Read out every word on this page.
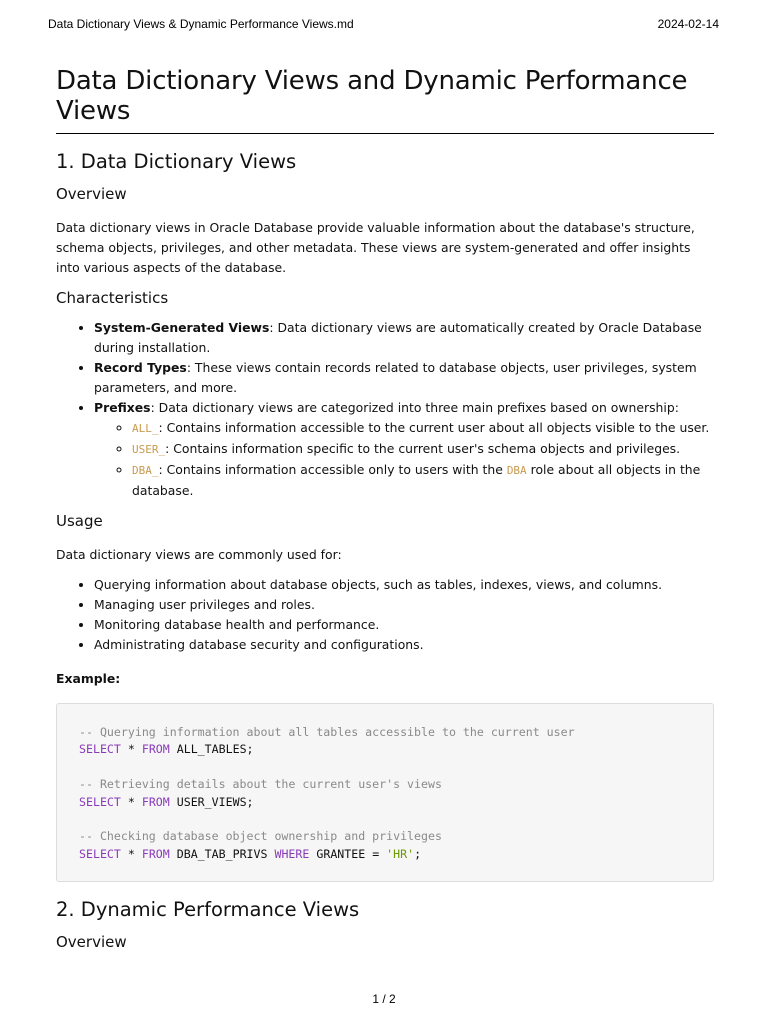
Data Dictionary Views & Dynamic Performance Views.md	2024-02-14
Data Dictionary Views and Dynamic Performance Views
1. Data Dictionary Views
Overview

Data dictionary views in Oracle Database provide valuable information about the database's structure, schema objects, privileges, and other metadata. These views are system-generated and offer insights into various aspects of the database.

Characteristics
• System-Generated Views: Data dictionary views are automatically created by Oracle Database during installation.
• Record Types: These views contain records related to database objects, user privileges, system parameters, and more.
• Prefixes: Data dictionary views are categorized into three main prefixes based on ownership:
◦ ALL_: Contains information accessible to the current user about all objects visible to the user.
◦ USER_: Contains information specific to the current user's schema objects and privileges.
◦ DBA_: Contains information accessible only to users with the DBA role about all objects in the database.
Usage

Data dictionary views are commonly used for:

• Querying information about database objects, such as tables, indexes, views, and columns.
• Managing user privileges and roles.
• Monitoring database health and performance.
• Administrating database security and configurations.
Example:
-- Querying information about all tables accessible to the current user
SELECT * FROM ALL_TABLES;

-- Retrieving details about the current user's views
SELECT * FROM USER_VIEWS;

-- Checking database object ownership and privileges
SELECT * FROM DBA_TAB_PRIVS WHERE GRANTEE = 'HR';
2. Dynamic Performance Views
Overview
1 / 2
